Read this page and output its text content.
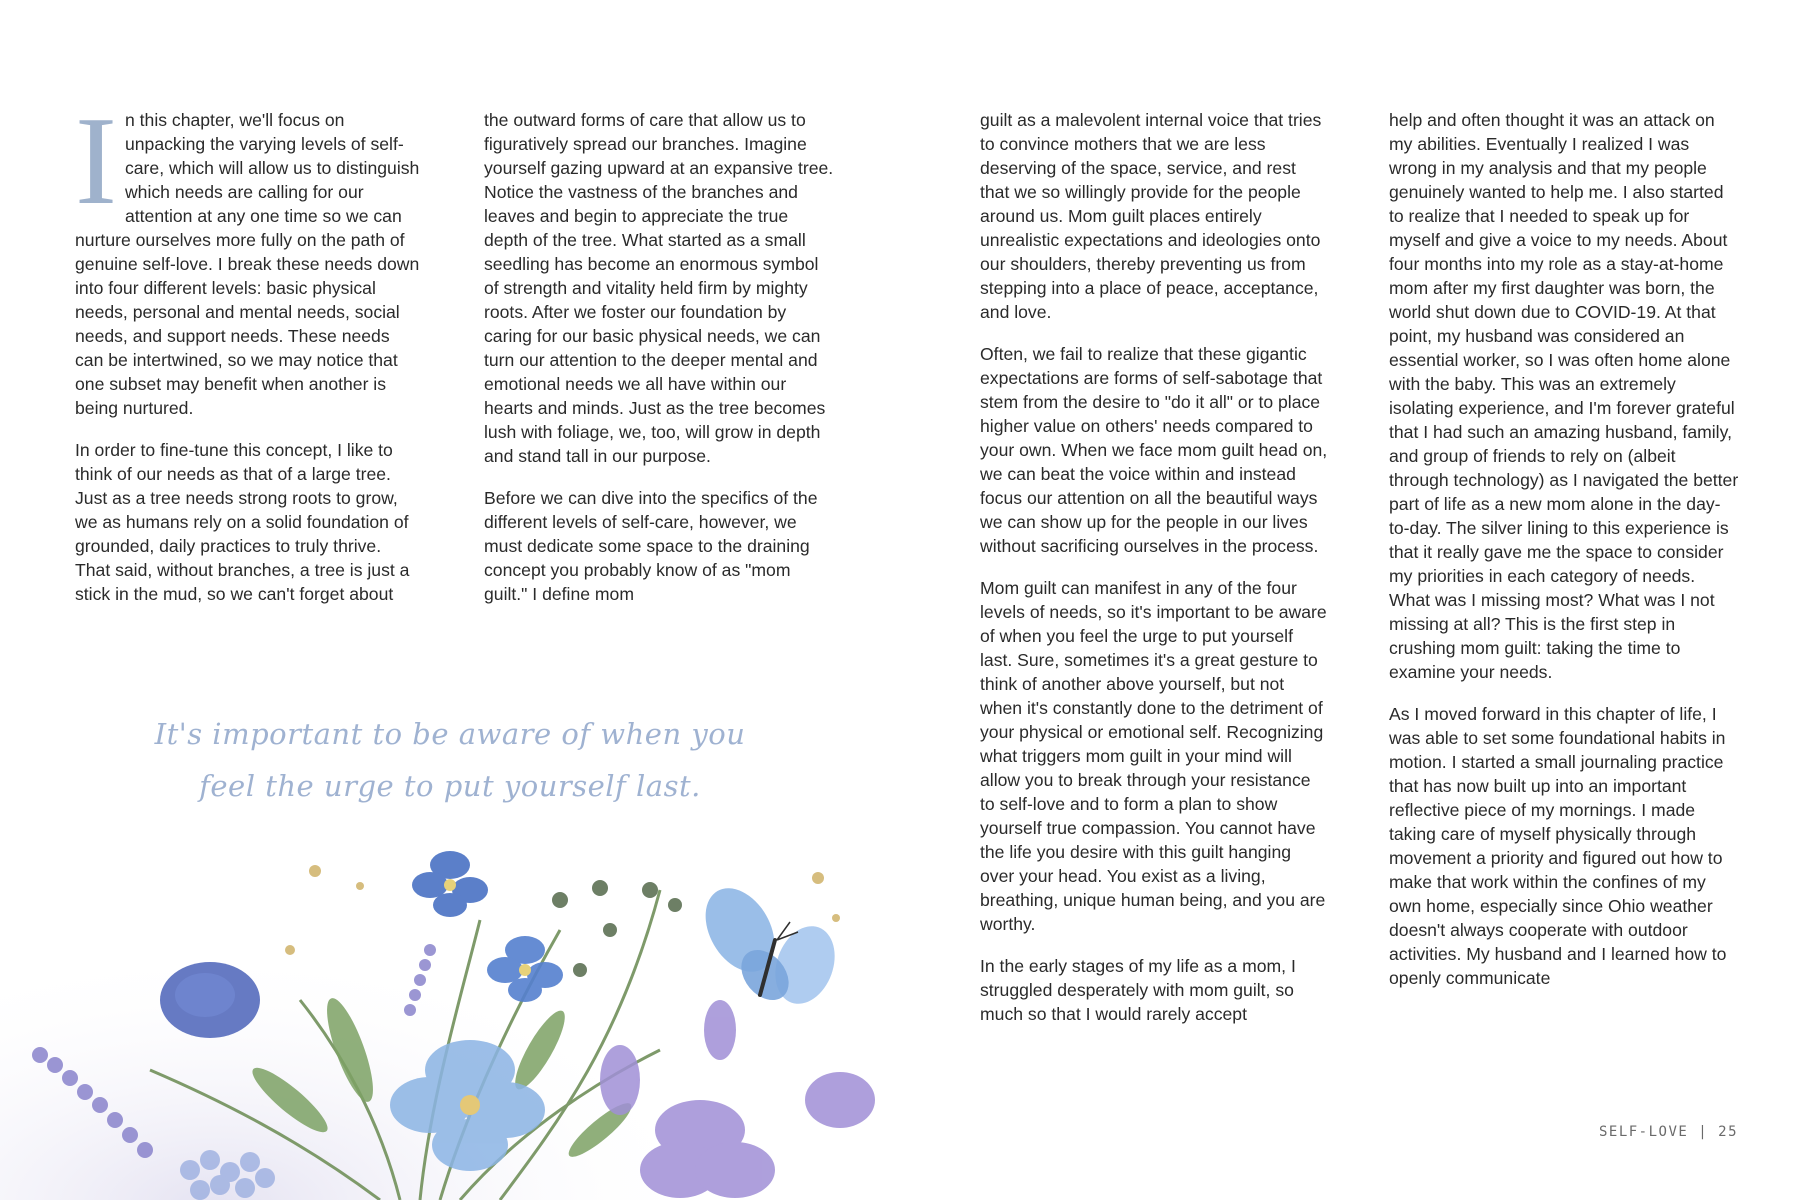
In this chapter, we'll focus on unpacking the varying levels of self-care, which will allow us to distinguish which needs are calling for our attention at any one time so we can nurture ourselves more fully on the path of genuine self-love. I break these needs down into four different levels: basic physical needs, personal and mental needs, social needs, and support needs. These needs can be intertwined, so we may notice that one subset may benefit when another is being nurtured.

In order to fine-tune this concept, I like to think of our needs as that of a large tree. Just as a tree needs strong roots to grow, we as humans rely on a solid foundation of grounded, daily practices to truly thrive. That said, without branches, a tree is just a stick in the mud, so we can't forget about

the outward forms of care that allow us to figuratively spread our branches. Imagine yourself gazing upward at an expansive tree. Notice the vastness of the branches and leaves and begin to appreciate the true depth of the tree. What started as a small seedling has become an enormous symbol of strength and vitality held firm by mighty roots. After we foster our foundation by caring for our basic physical needs, we can turn our attention to the deeper mental and emotional needs we all have within our hearts and minds. Just as the tree becomes lush with foliage, we, too, will grow in depth and stand tall in our purpose.

Before we can dive into the specifics of the different levels of self-care, however, we must dedicate some space to the draining concept you probably know of as "mom guilt." I define mom

It's important to be aware of when you
feel the urge to put yourself last.

guilt as a malevolent internal voice that tries to convince mothers that we are less deserving of the space, service, and rest that we so willingly provide for the people around us. Mom guilt places entirely unrealistic expectations and ideologies onto our shoulders, thereby preventing us from stepping into a place of peace, acceptance, and love.

Often, we fail to realize that these gigantic expectations are forms of self-sabotage that stem from the desire to "do it all" or to place higher value on others' needs compared to your own. When we face mom guilt head on, we can beat the voice within and instead focus our attention on all the beautiful ways we can show up for the people in our lives without sacrificing ourselves in the process.

Mom guilt can manifest in any of the four levels of needs, so it's important to be aware of when you feel the urge to put yourself last. Sure, sometimes it's a great gesture to think of another above yourself, but not when it's constantly done to the detriment of your physical or emotional self. Recognizing what triggers mom guilt in your mind will allow you to break through your resistance to self-love and to form a plan to show yourself true compassion. You cannot have the life you desire with this guilt hanging over your head. You exist as a living, breathing, unique human being, and you are worthy.

In the early stages of my life as a mom, I struggled desperately with mom guilt, so much so that I would rarely accept

help and often thought it was an attack on my abilities. Eventually I realized I was wrong in my analysis and that my people genuinely wanted to help me. I also started to realize that I needed to speak up for myself and give a voice to my needs. About four months into my role as a stay-at-home mom after my first daughter was born, the world shut down due to COVID-19. At that point, my husband was considered an essential worker, so I was often home alone with the baby. This was an extremely isolating experience, and I'm forever grateful that I had such an amazing husband, family, and group of friends to rely on (albeit through technology) as I navigated the better part of life as a new mom alone in the day-to-day. The silver lining to this experience is that it really gave me the space to consider my priorities in each category of needs. What was I missing most? What was I not missing at all? This is the first step in crushing mom guilt: taking the time to examine your needs.

As I moved forward in this chapter of life, I was able to set some foundational habits in motion. I started a small journaling practice that has now built up into an important reflective piece of my mornings. I made taking care of myself physically through movement a priority and figured out how to make that work within the confines of my own home, especially since Ohio weather doesn't always cooperate with outdoor activities. My husband and I learned how to openly communicate

SELF-LOVE | 25
